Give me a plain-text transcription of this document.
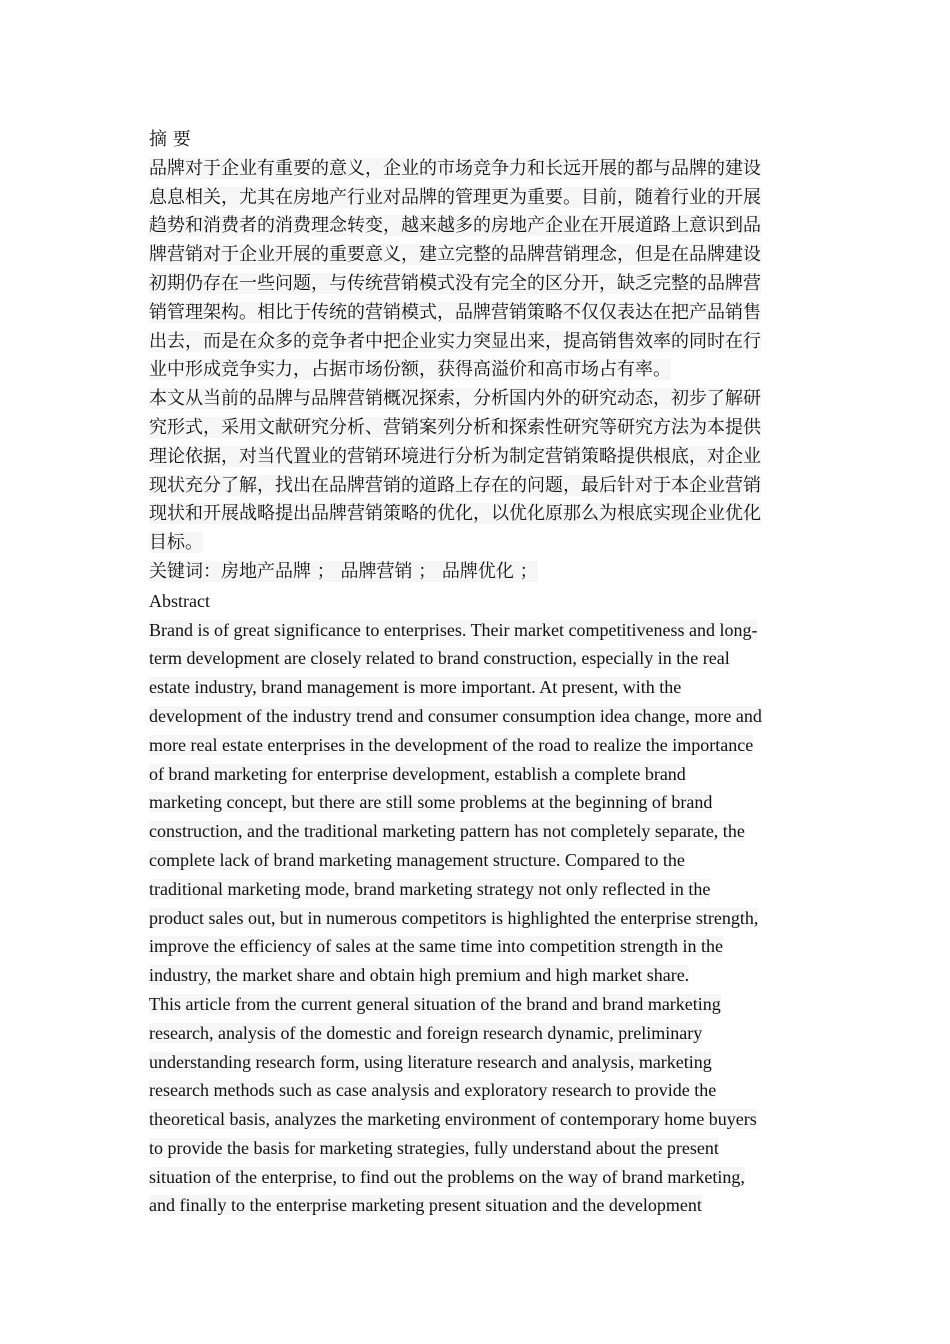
摘 要
品牌对于企业有重要的意义，企业的市场竞争力和长远开展的都与品牌的建设
息息相关，尤其在房地产行业对品牌的管理更为重要。目前，随着行业的开展
趋势和消费者的消费理念转变，越来越多的房地产企业在开展道路上意识到品
牌营销对于企业开展的重要意义，建立完整的品牌营销理念，但是在品牌建设
初期仍存在一些问题，与传统营销模式没有完全的区分开，缺乏完整的品牌营
销管理架构。相比于传统的营销模式，品牌营销策略不仅仅表达在把产品销售
出去，而是在众多的竞争者中把企业实力突显出来，提高销售效率的同时在行
业中形成竞争实力，占据市场份额，获得高溢价和高市场占有率。
本文从当前的品牌与品牌营销概况探索，分析国内外的研究动态，初步了解研
究形式，采用文献研究分析、营销案列分析和探索性研究等研究方法为本提供
理论依据，对当代置业的营销环境进行分析为制定营销策略提供根底，对企业
现状充分了解，找出在品牌营销的道路上存在的问题，最后针对于本企业营销
现状和开展战略提出品牌营销策略的优化，以优化原那么为根底实现企业优化
目标。
关键词：房地产品牌 ； 品牌营销 ； 品牌优化 ；
Abstract
Brand is of great significance to enterprises. Their market competitiveness and long-
term development are closely related to brand construction, especially in the real
estate industry, brand management is more important. At present, with the
development of the industry trend and consumer consumption idea change, more and
more real estate enterprises in the development of the road to realize the importance
of brand marketing for enterprise development, establish a complete brand
marketing concept, but there are still some problems at the beginning of brand
construction, and the traditional marketing pattern has not completely separate, the
complete lack of brand marketing management structure. Compared to the
traditional marketing mode, brand marketing strategy not only reflected in the
product sales out, but in numerous competitors is highlighted the enterprise strength,
improve the efficiency of sales at the same time into competition strength in the
industry, the market share and obtain high premium and high market share.
This article from the current general situation of the brand and brand marketing
research, analysis of the domestic and foreign research dynamic, preliminary
understanding research form, using literature research and analysis, marketing
research methods such as case analysis and exploratory research to provide the
theoretical basis, analyzes the marketing environment of contemporary home buyers
to provide the basis for marketing strategies, fully understand about the present
situation of the enterprise, to find out the problems on the way of brand marketing,
and finally to the enterprise marketing present situation and the development
